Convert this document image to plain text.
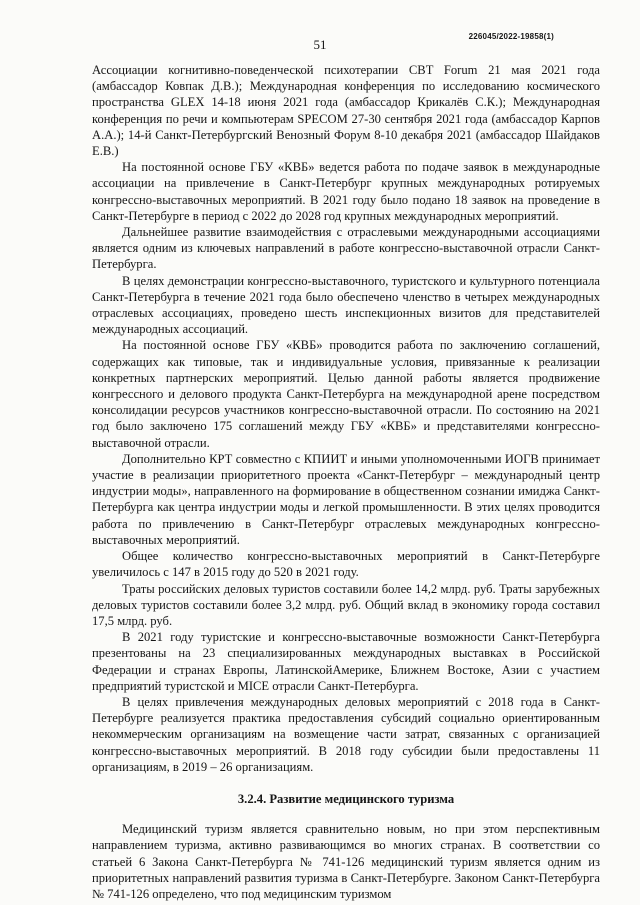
226045/2022-19858(1)
51

Ассоциации когнитивно-поведенческой психотерапии CBT Forum 21 мая 2021 года (амбассадор Ковпак Д.В.); Международная конференция по исследованию космического пространства GLEX 14-18 июня 2021 года (амбассадор Крикалёв С.К.); Международная конференция по речи и компьютерам SPECOM 27-30 сентября 2021 года (амбассадор Карпов А.А.); 14-й Санкт-Петербургский Венозный Форум 8-10 декабря 2021 (амбассадор Шайдаков Е.В.)

На постоянной основе ГБУ «КВБ» ведется работа по подаче заявок в международные ассоциации на привлечение в Санкт-Петербург крупных международных ротируемых конгрессно-выставочных мероприятий. В 2021 году было подано 18 заявок на проведение в Санкт-Петербурге в период с 2022 до 2028 год крупных международных мероприятий.

Дальнейшее развитие взаимодействия с отраслевыми международными ассоциациями является одним из ключевых направлений в работе конгрессно-выставочной отрасли Санкт-Петербурга.

В целях демонстрации конгрессно-выставочного, туристского и культурного потенциала Санкт-Петербурга в течение 2021 года было обеспечено членство в четырех международных отраслевых ассоциациях, проведено шесть инспекционных визитов для представителей международных ассоциаций.

На постоянной основе ГБУ «КВБ» проводится работа по заключению соглашений, содержащих как типовые, так и индивидуальные условия, привязанные к реализации конкретных партнерских мероприятий. Целью данной работы является продвижение конгрессного и делового продукта Санкт-Петербурга на международной арене посредством консолидации ресурсов участников конгрессно-выставочной отрасли. По состоянию на 2021 год было заключено 175 соглашений между ГБУ «КВБ» и представителями конгрессно-выставочной отрасли.

Дополнительно КРТ совместно с КПИИТ и иными уполномоченными ИОГВ принимает участие в реализации приоритетного проекта «Санкт-Петербург – международный центр индустрии моды», направленного на формирование в общественном сознании имиджа Санкт-Петербурга как центра индустрии моды и легкой промышленности. В этих целях проводится работа по привлечению в Санкт-Петербург отраслевых международных конгрессно-выставочных мероприятий.

Общее количество конгрессно-выставочных мероприятий в Санкт-Петербурге увеличилось с 147 в 2015 году до 520 в 2021 году.

Траты российских деловых туристов составили более 14,2 млрд. руб. Траты зарубежных деловых туристов составили более 3,2 млрд. руб. Общий вклад в экономику города составил 17,5 млрд. руб.

В 2021 году туристские и конгрессно-выставочные возможности Санкт-Петербурга презентованы на 23 специализированных международных выставках в Российской Федерации и странах Европы, ЛатинскойАмерике, Ближнем Востоке, Азии с участием предприятий туристской и MICE отрасли Санкт-Петербурга.

В целях привлечения международных деловых мероприятий с 2018 года в Санкт-Петербурге реализуется практика предоставления субсидий социально ориентированным некоммерческим организациям на возмещение части затрат, связанных с организацией конгрессно-выставочных мероприятий. В 2018 году субсидии были предоставлены 11 организациям, в 2019 – 26 организациям.

3.2.4. Развитие медицинского туризма

Медицинский туризм является сравнительно новым, но при этом перспективным направлением туризма, активно развивающимся во многих странах. В соответствии со статьей 6 Закона Санкт-Петербурга № 741-126 медицинский туризм является одним из приоритетных направлений развития туризма в Санкт-Петербурге. Законом Санкт-Петербурга № 741-126 определено, что под медицинским туризмом
